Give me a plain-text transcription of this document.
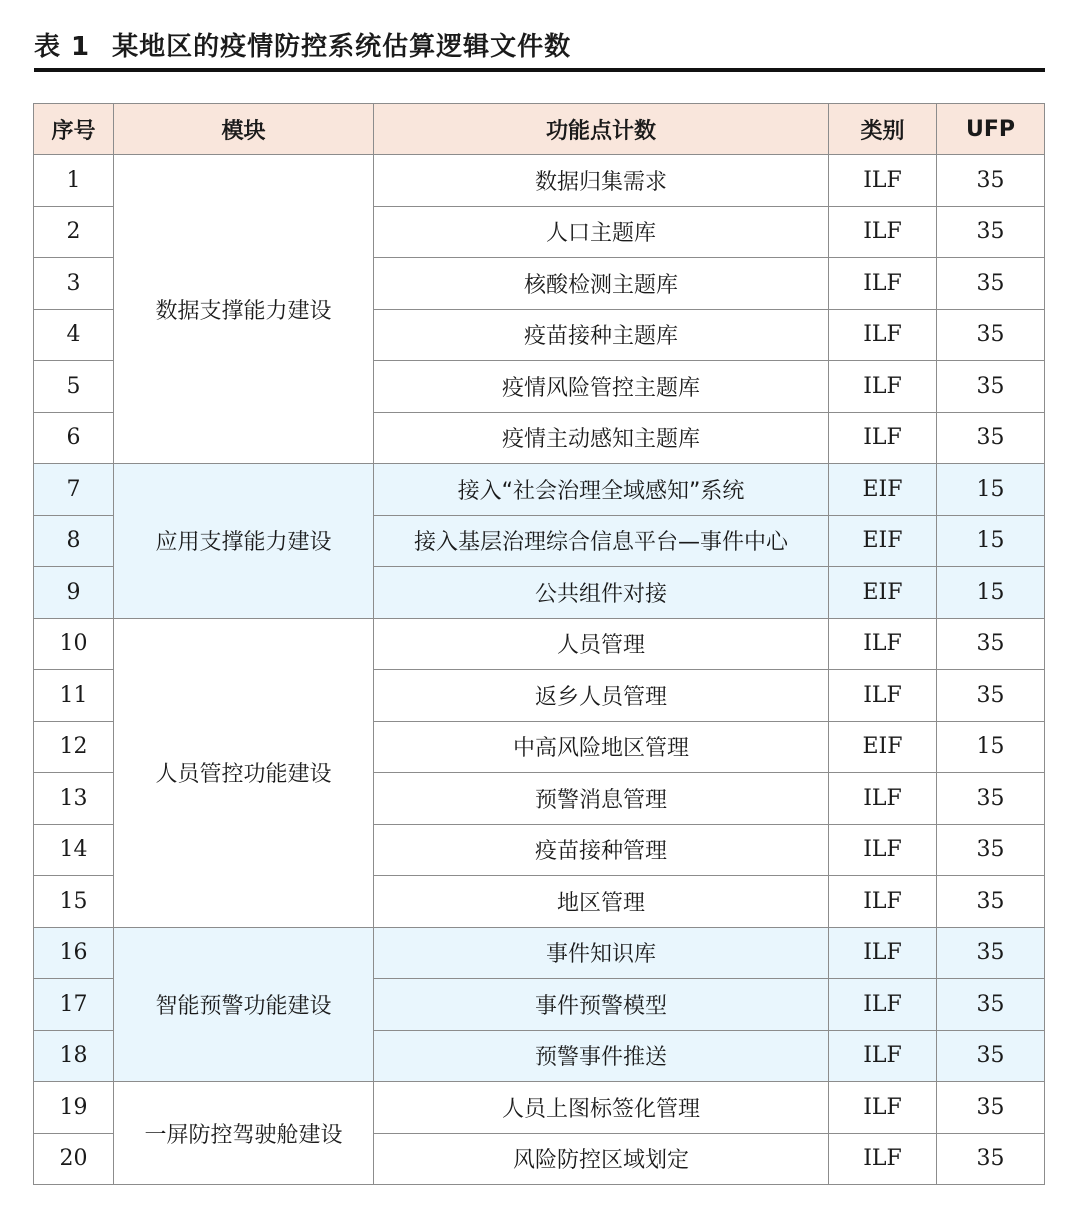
表 1 某地区的疫情防控系统估算逻辑文件数
序号	模块	功能点计数	类别	UFP
1	数据支撑能力建设	数据归集需求	ILF	35
2		人口主题库	ILF	35
3		核酸检测主题库	ILF	35
4		疫苗接种主题库	ILF	35
5		疫情风险管控主题库	ILF	35
6		疫情主动感知主题库	ILF	35
7	应用支撑能力建设	接入“社会治理全域感知”系统	EIF	15
8		接入基层治理综合信息平台—事件中心	EIF	15
9		公共组件对接	EIF	15
10	人员管控功能建设	人员管理	ILF	35
11		返乡人员管理	ILF	35
12		中高风险地区管理	EIF	15
13		预警消息管理	ILF	35
14		疫苗接种管理	ILF	35
15		地区管理	ILF	35
16	智能预警功能建设	事件知识库	ILF	35
17		事件预警模型	ILF	35
18		预警事件推送	ILF	35
19	一屏防控驾驶舱建设	人员上图标签化管理	ILF	35
20		风险防控区域划定	ILF	35
